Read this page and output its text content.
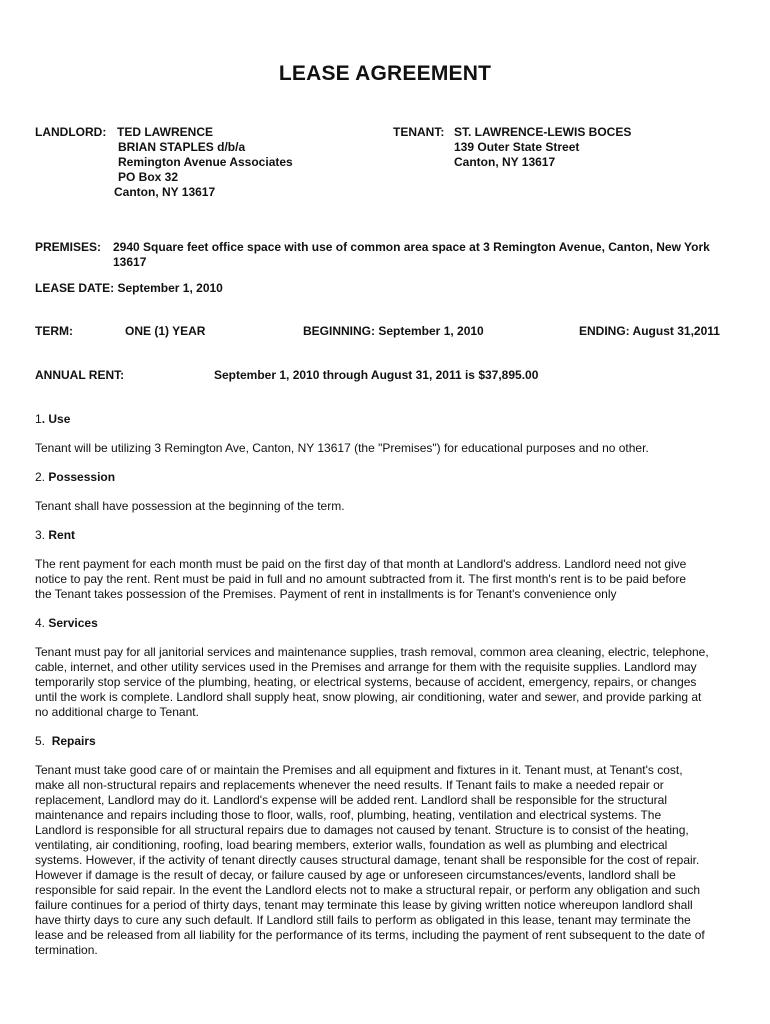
LEASE AGREEMENT
LANDLORD: TED LAWRENCE
BRIAN STAPLES d/b/a
Remington Avenue Associates
PO Box 32
Canton, NY 13617
TENANT: ST. LAWRENCE-LEWIS BOCES
139 Outer State Street
Canton, NY 13617
PREMISES: 2940 Square feet office space with use of common area space at 3 Remington Avenue, Canton, New York
13617
LEASE DATE: September 1, 2010
TERM:	ONE (1) YEAR	BEGINNING: September 1, 2010	ENDING: August 31,2011
ANNUAL RENT:	September 1, 2010 through August 31, 2011 is $37,895.00
1. Use
Tenant will be utilizing 3 Remington Ave, Canton, NY 13617 (the "Premises") for educational purposes and no other.
2. Possession
Tenant shall have possession at the beginning of the term.
3. Rent
The rent payment for each month must be paid on the first day of that month at Landlord's address. Landlord need not give
notice to pay the rent. Rent must be paid in full and no amount subtracted from it. The first month's rent is to be paid before
the Tenant takes possession of the Premises. Payment of rent in installments is for Tenant's convenience only
4. Services
Tenant must pay for all janitorial services and maintenance supplies, trash removal, common area cleaning, electric, telephone,
cable, internet, and other utility services used in the Premises and arrange for them with the requisite supplies. Landlord may
temporarily stop service of the plumbing, heating, or electrical systems, because of accident, emergency, repairs, or changes
until the work is complete. Landlord shall supply heat, snow plowing, air conditioning, water and sewer, and provide parking at
no additional charge to Tenant.
5. Repairs
Tenant must take good care of or maintain the Premises and all equipment and fixtures in it. Tenant must, at Tenant's cost,
make all non-structural repairs and replacements whenever the need results. If Tenant fails to make a needed repair or
replacement, Landlord may do it. Landlord's expense will be added rent. Landlord shall be responsible for the structural
maintenance and repairs including those to floor, walls, roof, plumbing, heating, ventilation and electrical systems. The
Landlord is responsible for all structural repairs due to damages not caused by tenant. Structure is to consist of the heating,
ventilating, air conditioning, roofing, load bearing members, exterior walls, foundation as well as plumbing and electrical
systems. However, if the activity of tenant directly causes structural damage, tenant shall be responsible for the cost of repair.
However if damage is the result of decay, or failure caused by age or unforeseen circumstances/events, landlord shall be
responsible for said repair. In the event the Landlord elects not to make a structural repair, or perform any obligation and such
failure continues for a period of thirty days, tenant may terminate this lease by giving written notice whereupon landlord shall
have thirty days to cure any such default. If Landlord still fails to perform as obligated in this lease, tenant may terminate the
lease and be released from all liability for the performance of its terms, including the payment of rent subsequent to the date of
termination.
